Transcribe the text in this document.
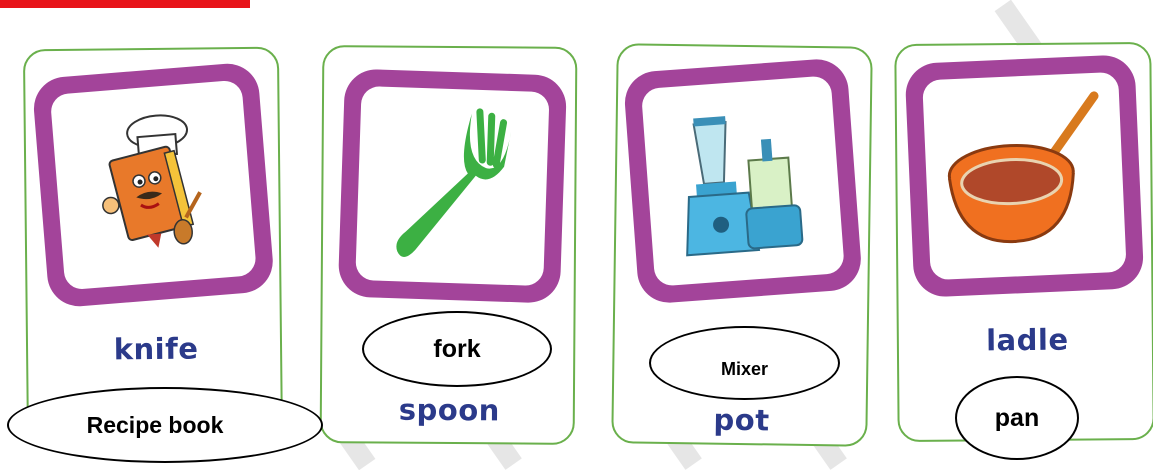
knife
spoon	pot
ladle
Recipe book
fork
Mixer
pan
